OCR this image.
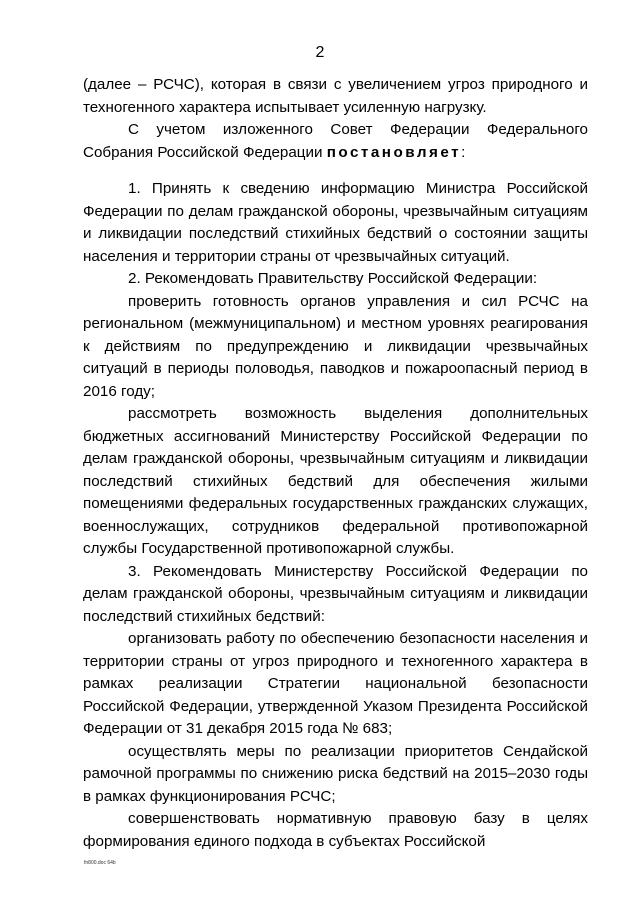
2

(далее – РСЧС), которая в связи с увеличением угроз природного и техногенного характера испытывает усиленную нагрузку.

С учетом изложенного Совет Федерации Федерального Собрания Российской Федерации постановляет:

1. Принять к сведению информацию Министра Российской Федерации по делам гражданской обороны, чрезвычайным ситуациям и ликвидации последствий стихийных бедствий о состоянии защиты населения и территории страны от чрезвычайных ситуаций.

2. Рекомендовать Правительству Российской Федерации:

проверить готовность органов управления и сил РСЧС на региональном (межмуниципальном) и местном уровнях реагирования к действиям по предупреждению и ликвидации чрезвычайных ситуаций в периоды половодья, паводков и пожароопасный период в 2016 году;

рассмотреть возможность выделения дополнительных бюджетных ассигнований Министерству Российской Федерации по делам гражданской обороны, чрезвычайным ситуациям и ликвидации последствий стихийных бедствий для обеспечения жилыми помещениями федеральных государственных гражданских служащих, военнослужащих, сотрудников федеральной противопожарной службы Государственной противопожарной службы.

3. Рекомендовать Министерству Российской Федерации по делам гражданской обороны, чрезвычайным ситуациям и ликвидации последствий стихийных бедствий:

организовать работу по обеспечению безопасности населения и территории страны от угроз природного и техногенного характера в рамках реализации Стратегии национальной безопасности Российской Федерации, утвержденной Указом Президента Российской Федерации от 31 декабря 2015 года № 683;

осуществлять меры по реализации приоритетов Сендайской рамочной программы по снижению риска бедствий на 2015–2030 годы в рамках функционирования РСЧС;

совершенствовать нормативную правовую базу в целях формирования единого подхода в субъектах Российской

fn800.doc 64b
